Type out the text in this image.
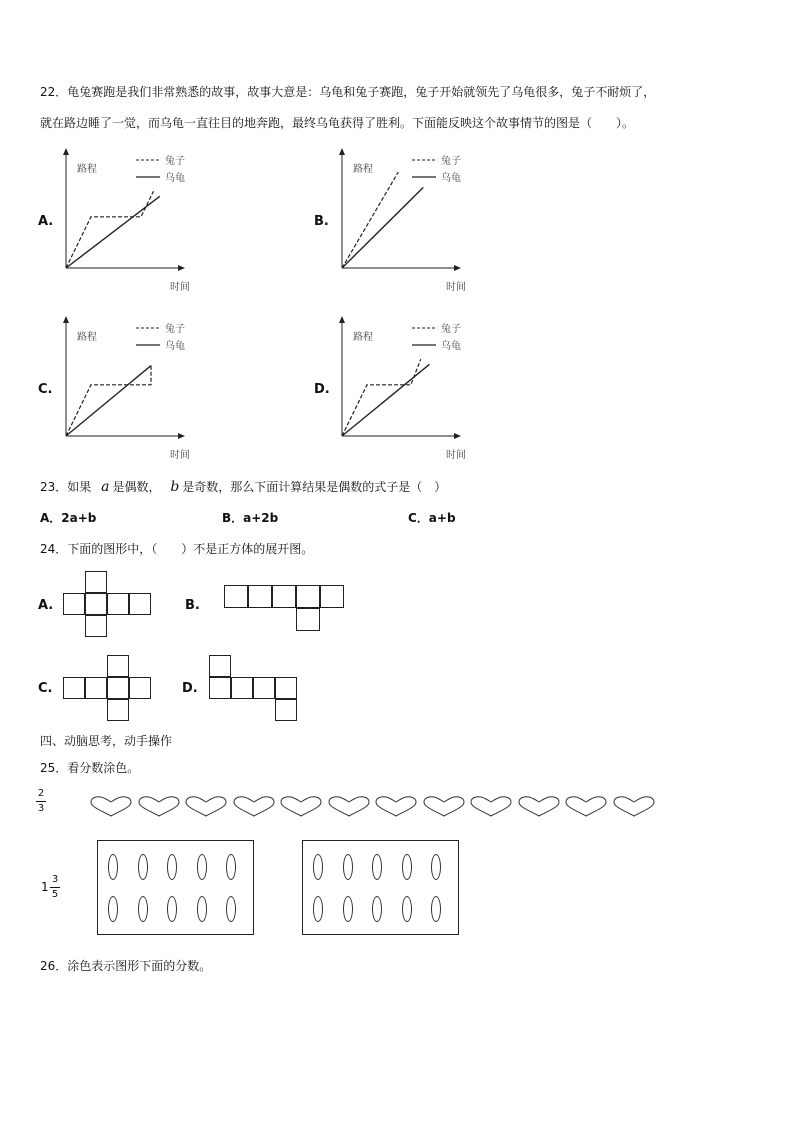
22．龟兔赛跑是我们非常熟悉的故事，故事大意是：乌龟和兔子赛跑，兔子开始就领先了乌龟很多，兔子不耐烦了，
就在路边睡了一觉，而乌龟一直往目的地奔跑，最终乌龟获得了胜利。下面能反映这个故事情节的图是（　　）。
A.	B.
C.	D.
路程
时间
兔子
乌龟
路程
时间
兔子
乌龟
路程
时间
兔子
乌龟
路程
时间
兔子
乌龟
23．如果 a 是偶数， b 是奇数，那么下面计算结果是偶数的式子是（　）
A．2a+b	B．a+2b	C．a+b
24．下面的图形中，（　　）不是正方体的展开图。
A.	B.
C.	D.
四、动脑思考，动手操作
25．看分数涂色。
2
3
1
3
5
26．涂色表示图形下面的分数。
